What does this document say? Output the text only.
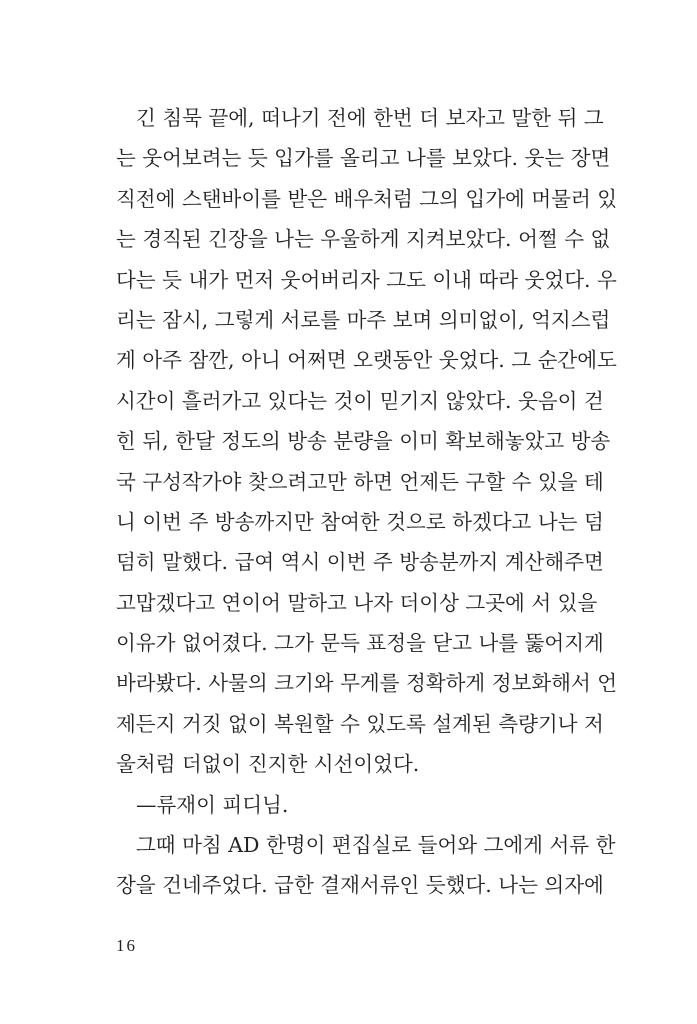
긴 침묵 끝에, 떠나기 전에 한번 더 보자고 말한 뒤 그
는 웃어보려는 듯 입가를 올리고 나를 보았다. 웃는 장면
직전에 스탠바이를 받은 배우처럼 그의 입가에 머물러 있
는 경직된 긴장을 나는 우울하게 지켜보았다. 어쩔 수 없
다는 듯 내가 먼저 웃어버리자 그도 이내 따라 웃었다. 우
리는 잠시, 그렇게 서로를 마주 보며 의미없이, 억지스럽
게 아주 잠깐, 아니 어쩌면 오랫동안 웃었다. 그 순간에도
시간이 흘러가고 있다는 것이 믿기지 않았다. 웃음이 걷
힌 뒤, 한달 정도의 방송 분량을 이미 확보해놓았고 방송
국 구성작가야 찾으려고만 하면 언제든 구할 수 있을 테
니 이번 주 방송까지만 참여한 것으로 하겠다고 나는 덤
덤히 말했다. 급여 역시 이번 주 방송분까지 계산해주면
고맙겠다고 연이어 말하고 나자 더이상 그곳에 서 있을
이유가 없어졌다. 그가 문득 표정을 닫고 나를 뚫어지게
바라봤다. 사물의 크기와 무게를 정확하게 정보화해서 언
제든지 거짓 없이 복원할 수 있도록 설계된 측량기나 저
울처럼 더없이 진지한 시선이었다.
—류재이 피디님.
그때 마침 AD 한명이 편집실로 들어와 그에게 서류 한
장을 건네주었다. 급한 결재서류인 듯했다. 나는 의자에
16
